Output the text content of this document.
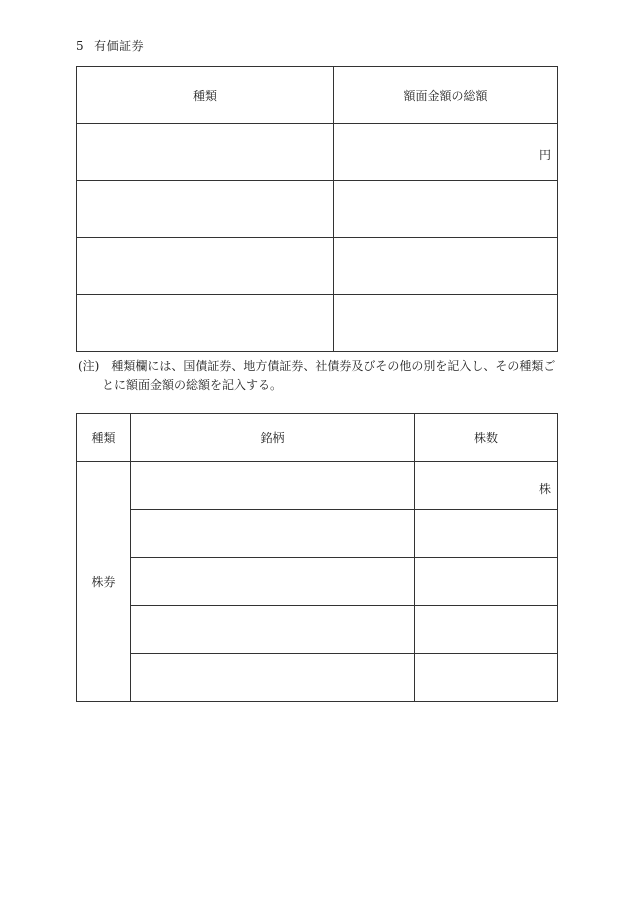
5 有価証券
種類	額面金額の総額
	円

(注) 種類欄には、国債証券、地方債証券、社債券及びその他の別を記入し、その種類ご
とに額面金額の総額を記入する。
種類	銘柄	株数
株券		株
